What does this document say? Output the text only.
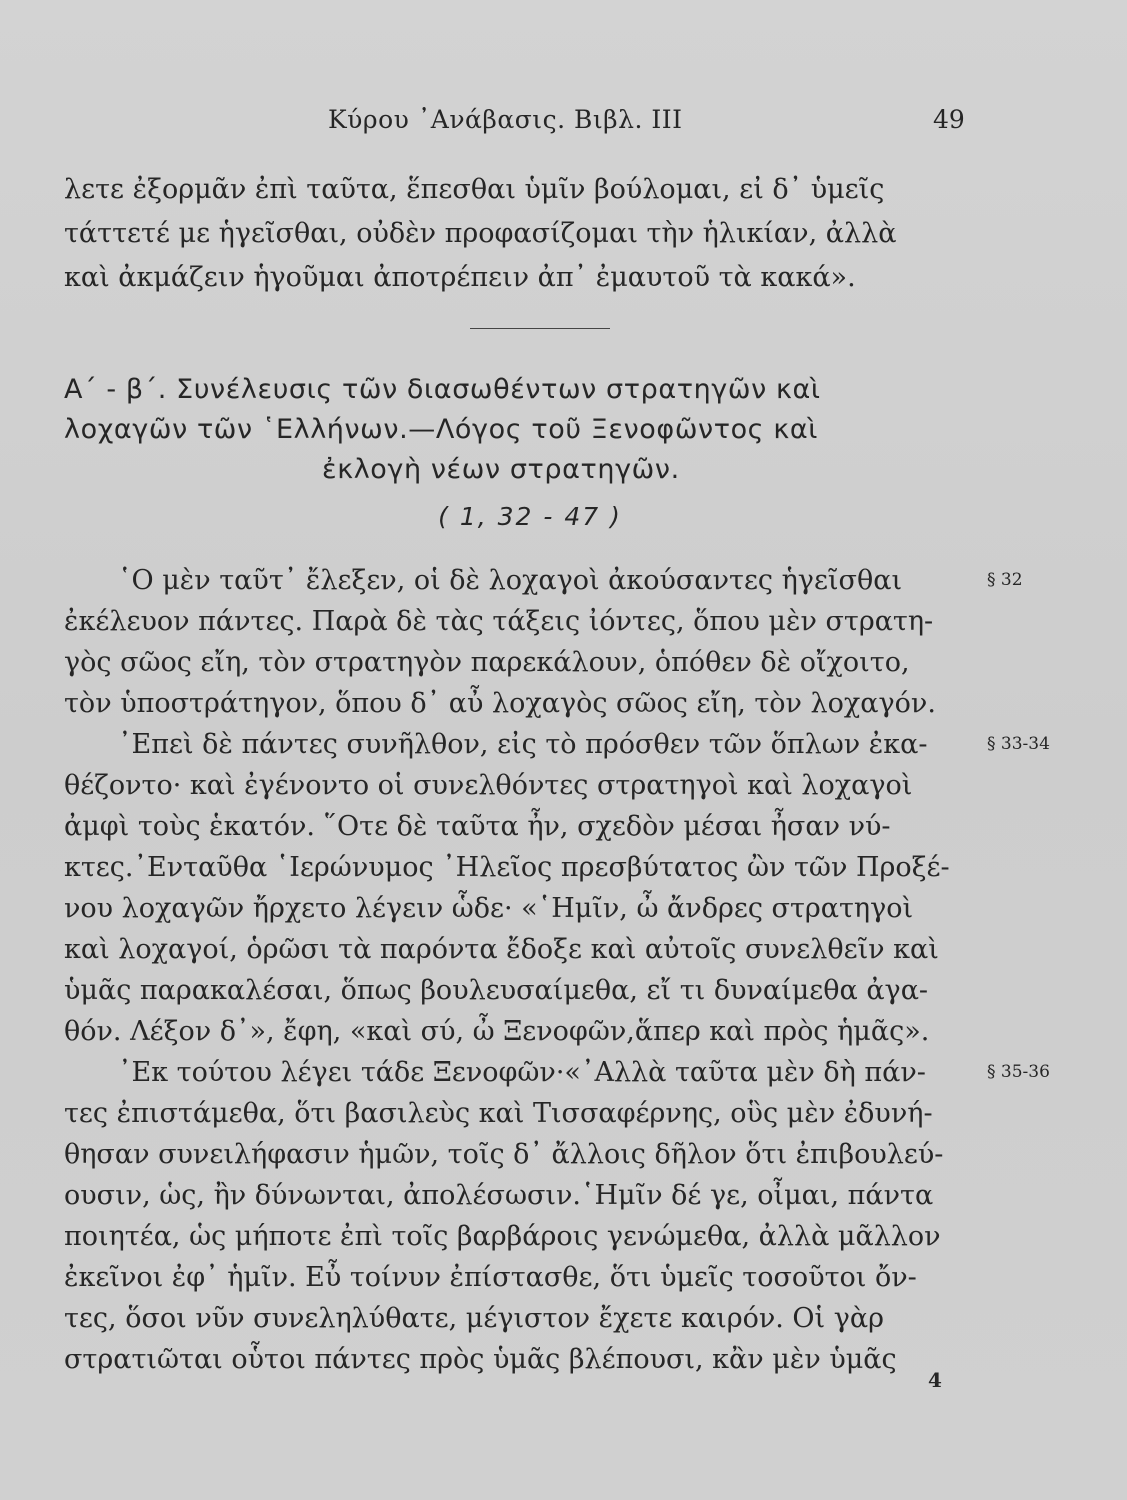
Κύρου ᾿Ανάβασις. Βιβλ. ΙΙΙ	49
λετε ἐξορμᾶν ἐπὶ ταῦτα, ἕπεσθαι ὑμῖν βούλομαι, εἰ δ᾿ ὑμεῖς
τάττετέ με ἡγεῖσθαι, οὐδὲν προφασίζομαι τὴν ἡλικίαν, ἀλλὰ
καὶ ἀκμάζειν ἡγοῦμαι ἀποτρέπειν ἀπ᾿ ἐμαυτοῦ τὰ κακά».
Α΄ - β΄. Συνέλευσις τῶν διασωθέντων στρατηγῶν καὶ
λοχαγῶν τῶν ῾Ελλήνων.—Λόγος τοῦ Ξενοφῶντος καὶ
ἐκλογὴ νέων στρατηγῶν.
( 1, 32 - 47 )
῾Ο μὲν ταῦτ᾿ ἔλεξεν, οἱ δὲ λοχαγοὶ ἀκούσαντες ἡγεῖσθαι
ἐκέλευον πάντες. Παρὰ δὲ τὰς τάξεις ἰόντες, ὅπου μὲν στρατη-
γὸς σῶος εἴη, τὸν στρατηγὸν παρεκάλουν, ὁπόθεν δὲ οἴχοιτο,
τὸν ὑποστράτηγον, ὅπου δ᾿ αὖ λοχαγὸς σῶος εἴη, τὸν λοχαγόν.
᾿Επεὶ δὲ πάντες συνῆλθον, εἰς τὸ πρόσθεν τῶν ὅπλων ἐκα-
θέζοντο· καὶ ἐγένοντο οἱ συνελθόντες στρατηγοὶ καὶ λοχαγοὶ
ἀμφὶ τοὺς ἑκατόν. ῞Οτε δὲ ταῦτα ἦν, σχεδὸν μέσαι ἦσαν νύ-
κτες.᾿Ενταῦθα ῾Ιερώνυμος ᾿Ηλεῖος πρεσβύτατος ὢν τῶν Προξέ-
νου λοχαγῶν ἤρχετο λέγειν ὧδε· «῾Ημῖν, ὦ ἄνδρες στρατηγοὶ
καὶ λοχαγοί, ὁρῶσι τὰ παρόντα ἔδοξε καὶ αὐτοῖς συνελθεῖν καὶ
ὑμᾶς παρακαλέσαι, ὅπως βουλευσαίμεθα, εἴ τι δυναίμεθα ἀγα-
θόν. Λέξον δ᾿», ἔφη, «καὶ σύ, ὦ Ξενοφῶν,ἅπερ καὶ πρὸς ἡμᾶς».
᾿Εκ τούτου λέγει τάδε Ξενοφῶν·«᾿Αλλὰ ταῦτα μὲν δὴ πάν-
τες ἐπιστάμεθα, ὅτι βασιλεὺς καὶ Τισσαφέρνης, οὓς μὲν ἐδυνή-
θησαν συνειλήφασιν ἡμῶν, τοῖς δ᾿ ἄλλοις δῆλον ὅτι ἐπιβουλεύ-
ουσιν, ὡς, ἢν δύνωνται, ἀπολέσωσιν.῾Ημῖν δέ γε, οἶμαι, πάντα
ποιητέα, ὡς μήποτε ἐπὶ τοῖς βαρβάροις γενώμεθα, ἀλλὰ μᾶλλον
ἐκεῖνοι ἐφ᾿ ἡμῖν. Εὖ τοίνυν ἐπίστασθε, ὅτι ὑμεῖς τοσοῦτοι ὄν-
τες, ὅσοι νῦν συνεληλύθατε, μέγιστον ἔχετε καιρόν. Οἱ γὰρ
στρατιῶται οὗτοι πάντες πρὸς ὑμᾶς βλέπουσι, κἂν μὲν ὑμᾶς
§ 32
§ 33-34
§ 35-36
4
